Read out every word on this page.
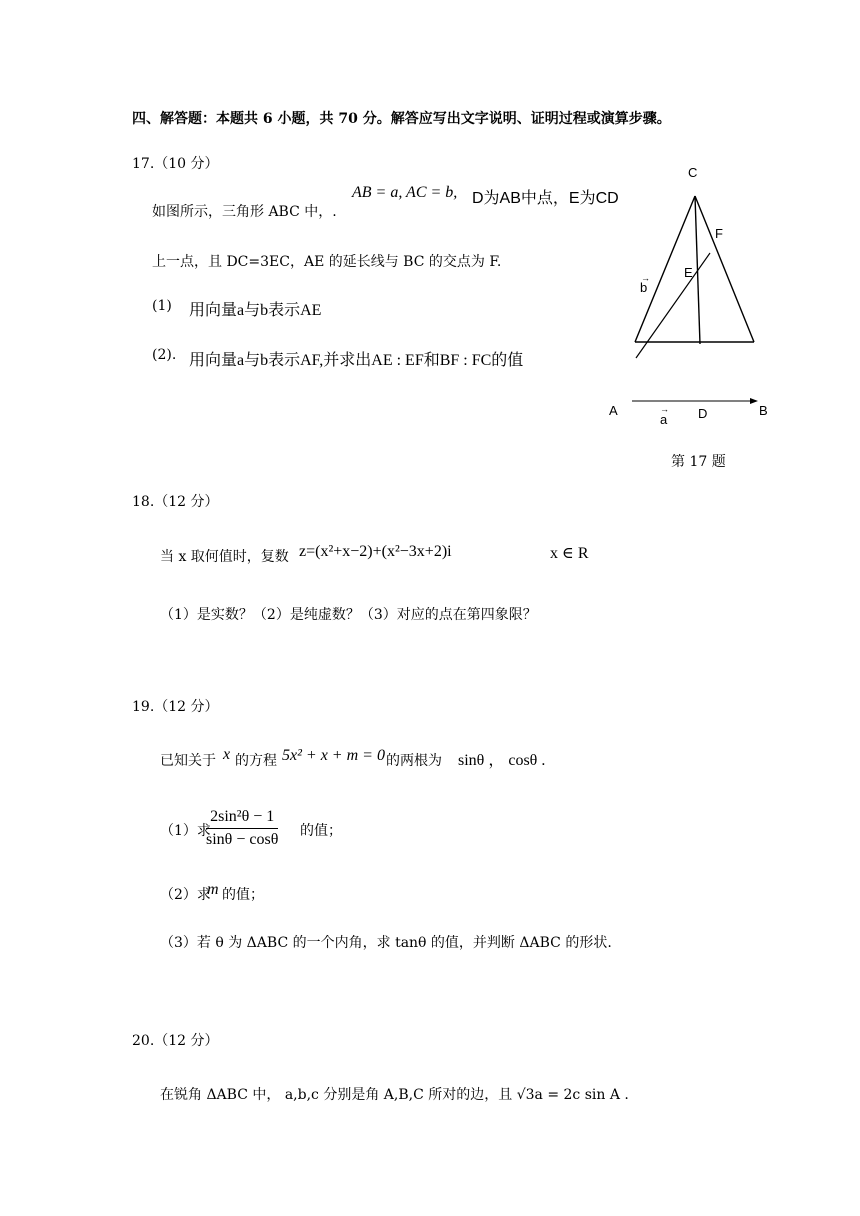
四、解答题：本题共 6 小题，共 70 分。解答应写出文字说明、证明过程或演算步骤。
17.（10 分）
如图所示，三角形 ABC 中，.
AB = a, AC = b, D为AB中点，E为CD
上一点，且 DC=3EC，AE 的延长线与 BC 的交点为 F.
(1) 用向量a与b表示AE
(2). 用向量a与b表示AF,并求出AE : EF和BF : FC的值
C
F
E
b
→
A
a
→ D	B
第 17 题
18.（12 分）
当 x 取何值时，复数 z=(x²+x−2)+(x²−3x+2)i	x ∈ R
（1）是实数？（2）是纯虚数？（3）对应的点在第四象限？
19.（12 分）
已知关于 x 的方程 5x² + x + m = 0 的两根为 sinθ ， cosθ .
（1）求
$\frac{\text{2sin²θ − 1}}{\sin\theta - \cos\theta}$ 的值；
（2）求
m 的值；
（3）若 θ 为 ΔABC 的一个内角，求 tanθ 的值，并判断 ΔABC 的形状.
20.（12 分）
在锐角 ΔABC 中， a,b,c 分别是角 A,B,C 所对的边，且 √3a = 2c sin A .
